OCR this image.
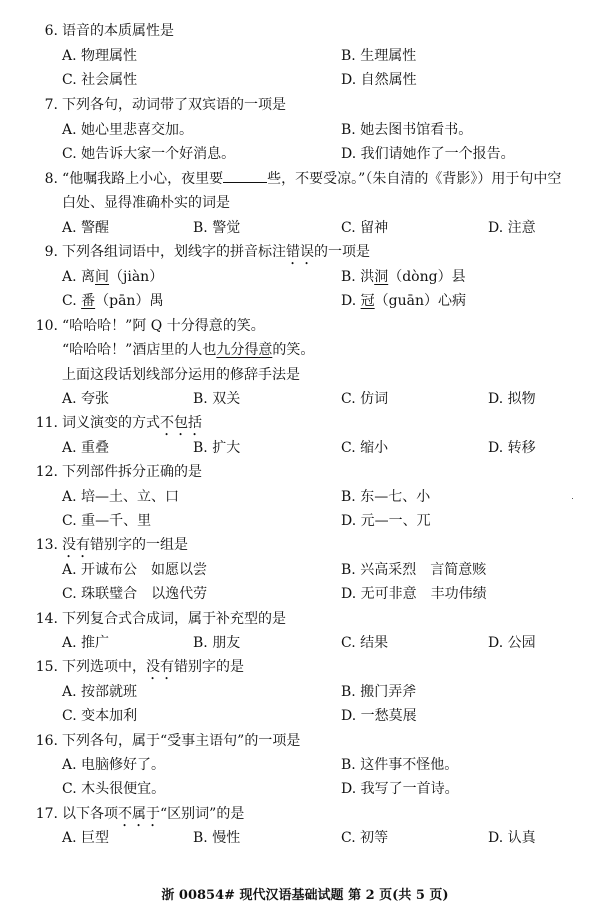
6. 语音的本质属性是
A. 物理属性	B. 生理属性
C. 社会属性	D. 自然属性
7. 下列各句，动词带了双宾语的一项是
A. 她心里悲喜交加。	B. 她去图书馆看书。
C. 她告诉大家一个好消息。	D. 我们请她作了一个报告。
8. “他嘱我路上小心，夜里要	些，不要受凉。”（朱自清的《背影》）用于句中空
白处、显得准确朴实的词是
A. 警醒	B. 警觉	C. 留神	D. 注意
9. 下列各组词语中，划线字的拼音标注错误的一项是
A. 离间（jiàn）	B. 洪洞（dòng）县
C. 番（pān）禺	D. 冠（guān）心病
10. “哈哈哈！”阿 Q 十分得意的笑。
“哈哈哈！”酒店里的人也九分得意的笑。
上面这段话划线部分运用的修辞手法是
A. 夸张	B. 双关	C. 仿词	D. 拟物
11. 词义演变的方式不包括
A. 重叠	B. 扩大	C. 缩小	D. 转移
12. 下列部件拆分正确的是
A. 培—土、立、口	B. 东—七、小
C. 重—千、里	D. 元—一、兀
13. 没有错别字的一组是
A. 开诚布公　如愿以尝	B. 兴高采烈　言简意赅
C. 珠联璧合　以逸代劳	D. 无可非意　丰功伟绩
14. 下列复合式合成词，属于补充型的是
A. 推广	B. 朋友	C. 结果	D. 公园
15. 下列选项中，没有错别字的是
A. 按部就班	B. 搬门弄斧
C. 变本加利	D. 一愁莫展
16. 下列各句，属于“受事主语句”的一项是
A. 电脑修好了。	B. 这件事不怪他。
C. 木头很便宜。	D. 我写了一首诗。
17. 以下各项不属于“区别词”的是
A. 巨型	B. 慢性	C. 初等	D. 认真
浙 00854# 现代汉语基础试题 第 2 页(共 5 页)
